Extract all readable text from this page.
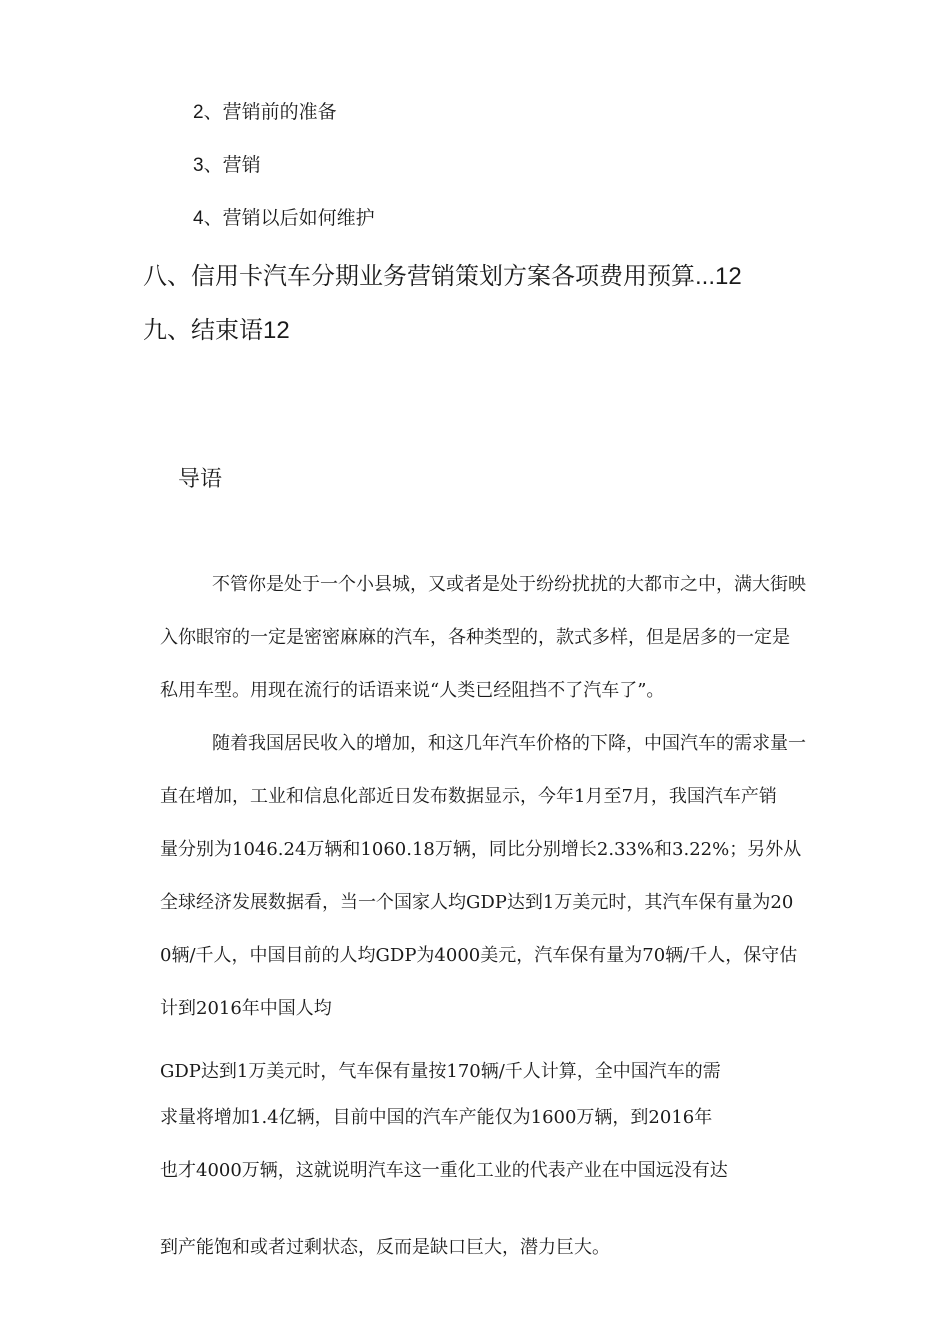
2、营销前的准备
3、营销
4、营销以后如何维护
八、信用卡汽车分期业务营销策划方案各项费用预算...12
九、结束语12
导语
不管你是处于一个小县城，又或者是处于纷纷扰扰的大都市之中，满大街映
入你眼帘的一定是密密麻麻的汽车，各种类型的，款式多样，但是居多的一定是
私用车型。用现在流行的话语来说“人类已经阻挡不了汽车了”。
随着我国居民收入的增加，和这几年汽车价格的下降，中国汽车的需求量一
直在增加，工业和信息化部近日发布数据显示，今年1月至7月，我国汽车产销
量分别为1046.24万辆和1060.18万辆，同比分别增长2.33%和3.22%；另外从
全球经济发展数据看，当一个国家人均GDP达到1万美元时，其汽车保有量为20
0辆/千人，中国目前的人均GDP为4000美元，汽车保有量为70辆/千人，保守估
计到2016年中国人均
GDP达到1万美元时，气车保有量按170辆/千人计算，全中国汽车的需
求量将增加1.4亿辆，目前中国的汽车产能仅为1600万辆，到2016年
也才4000万辆，这就说明汽车这一重化工业的代表产业在中国远没有达
到产能饱和或者过剩状态，反而是缺口巨大，潜力巨大。
